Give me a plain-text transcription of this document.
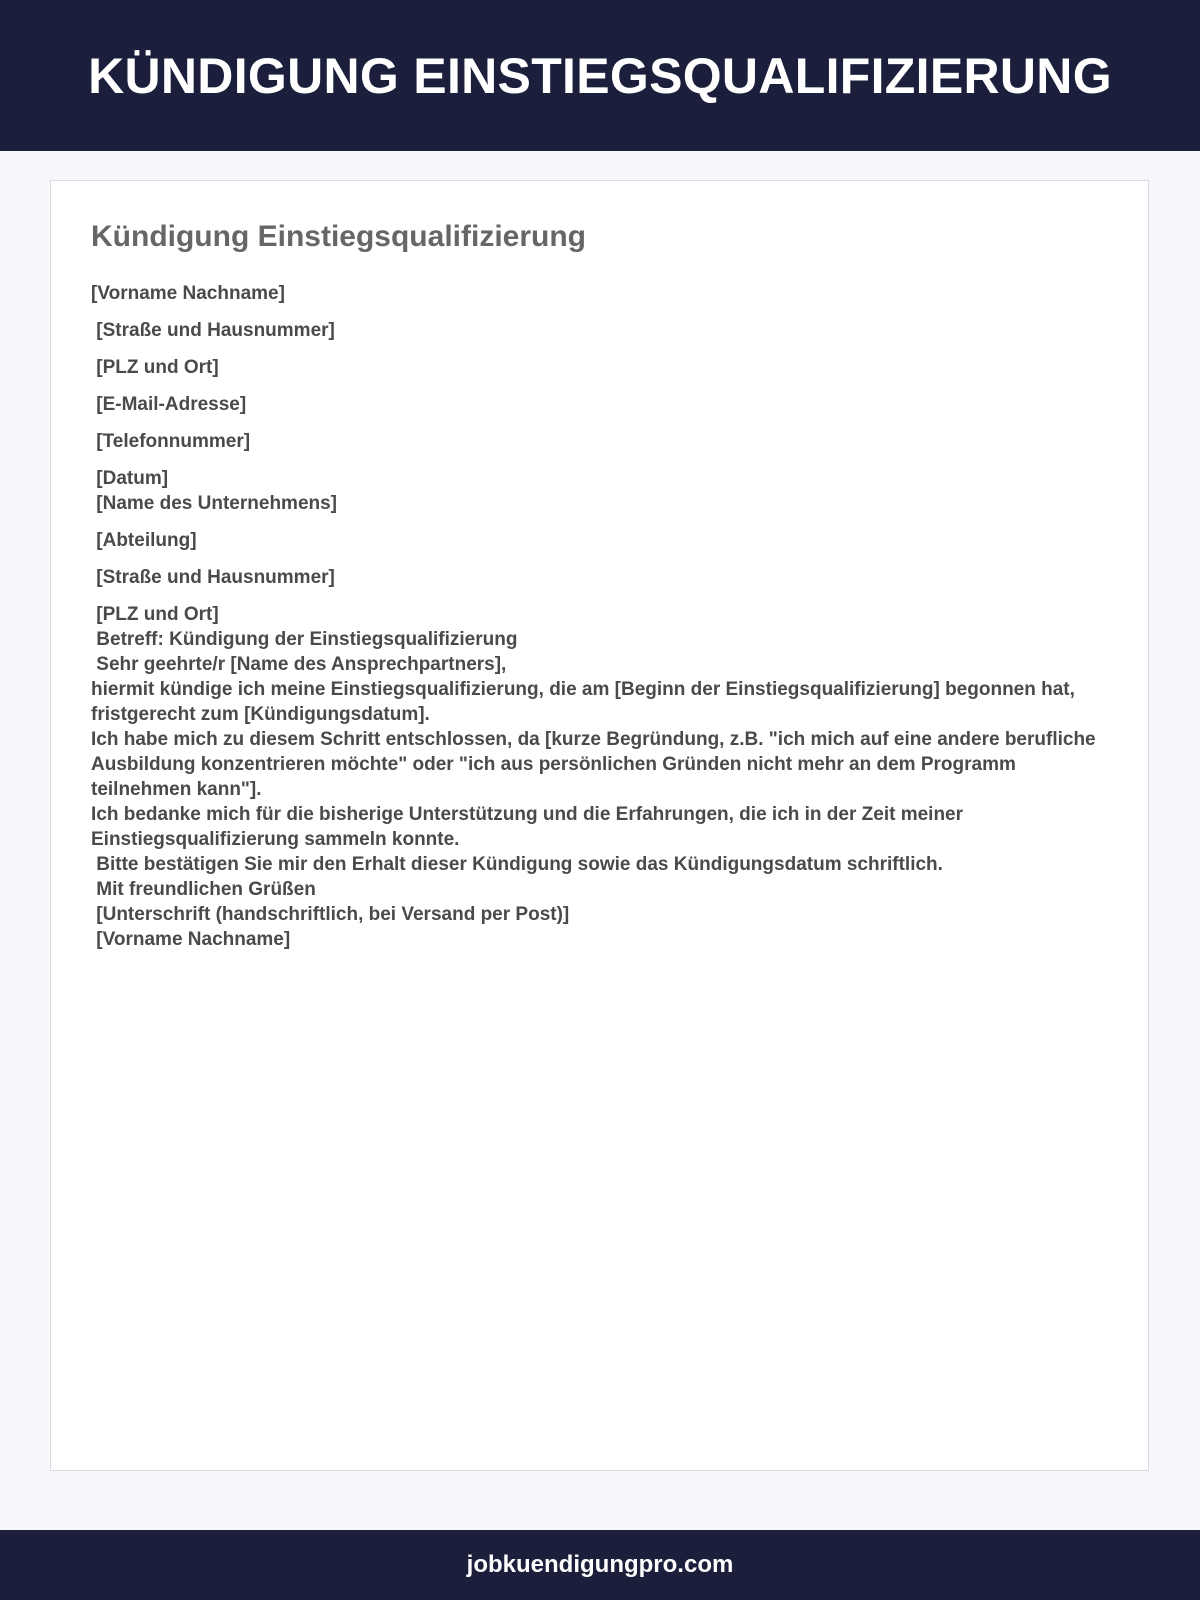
KÜNDIGUNG EINSTIEGSQUALIFIZIERUNG
Kündigung Einstiegsqualifizierung
[Vorname Nachname]
[Straße und Hausnummer]
[PLZ und Ort]
[E-Mail-Adresse]
[Telefonnummer]
[Datum]
[Name des Unternehmens]
[Abteilung]
[Straße und Hausnummer]
[PLZ und Ort]
Betreff: Kündigung der Einstiegsqualifizierung
Sehr geehrte/r [Name des Ansprechpartners],
hiermit kündige ich meine Einstiegsqualifizierung, die am [Beginn der Einstiegsqualifizierung] begonnen hat, fristgerecht zum [Kündigungsdatum].
Ich habe mich zu diesem Schritt entschlossen, da [kurze Begründung, z.B. "ich mich auf eine andere berufliche Ausbildung konzentrieren möchte" oder "ich aus persönlichen Gründen nicht mehr an dem Programm teilnehmen kann"].
Ich bedanke mich für die bisherige Unterstützung und die Erfahrungen, die ich in der Zeit meiner Einstiegsqualifizierung sammeln konnte.
Bitte bestätigen Sie mir den Erhalt dieser Kündigung sowie das Kündigungsdatum schriftlich.
Mit freundlichen Grüßen
[Unterschrift (handschriftlich, bei Versand per Post)]
[Vorname Nachname]
jobkuendigungpro.com
